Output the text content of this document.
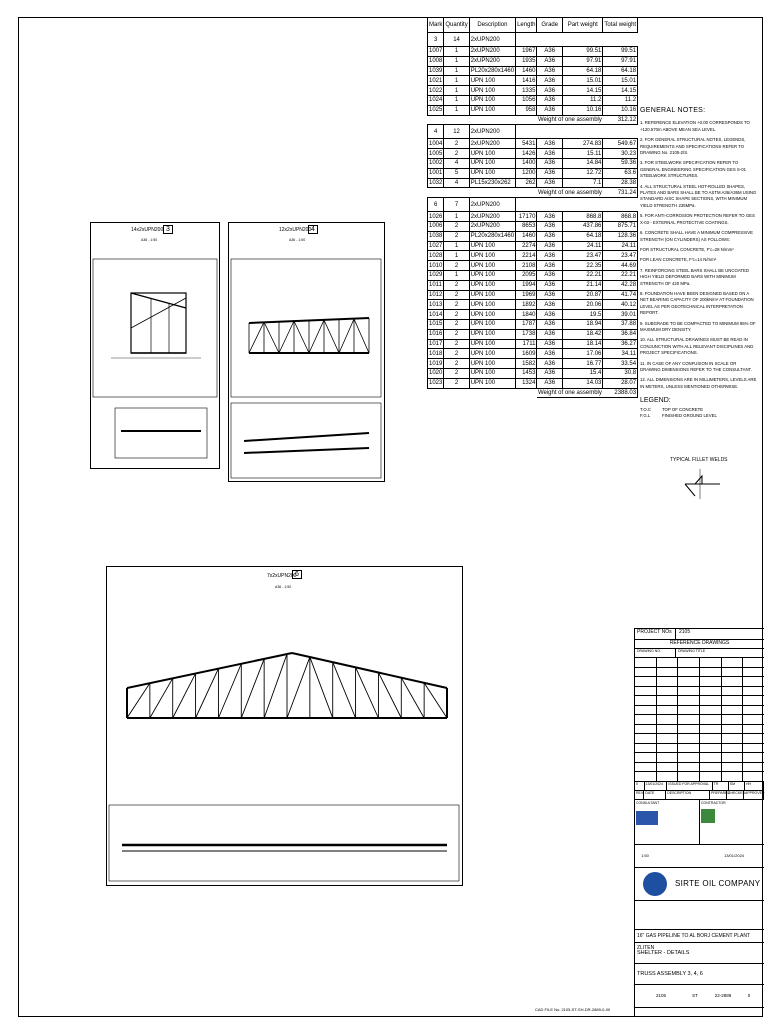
Mark	Quantity	Description	Length	Grade	Part weight	Total weight
3	14	2xUPN200				
1007	1	2xUPN200	1967	A36	99.51	99.51
1008	1	2xUPN200	1935	A36	97.91	97.91
1039	1	PL20x280x1460	1460	A36	64.18	64.18
1021	1	UPN 100	1416	A36	15.01	15.01
1022	1	UPN 100	1335	A36	14.15	14.15
1024	1	UPN 100	1056	A36	11.2	11.2
1025	1	UPN 100	958	A36	10.16	10.16
				Weight of one assembly		312.12
4	12	2xUPN200				
1004	2	2xUPN200	5431	A36	274.83	549.67
1005	2	UPN 100	1426	A36	15.11	30.23
1002	4	UPN 100	1400	A36	14.84	59.36
1001	5	UPN 100	1200	A36	12.72	63.6
1032	4	PL15x230x262	262	A36	7.1	28.38
				Weight of one assembly		731.24
6	7	2xUPN200				
1026	1	2xUPN200	17170	A36	868.8	868.8
1006	2	2xUPN200	8653	A36	437.86	875.71
1038	2	PL20x280x1460	1460	A36	64.18	128.36
1027	1	UPN 100	2274	A36	24.11	24.11
1028	1	UPN 100	2214	A36	23.47	23.47
1010	2	UPN 100	2108	A36	22.35	44.69
1029	1	UPN 100	2095	A36	22.21	22.21
1011	2	UPN 100	1994	A36	21.14	42.28
1012	2	UPN 100	1969	A36	20.87	41.74
1013	2	UPN 100	1892	A36	20.06	40.12
1014	2	UPN 100	1840	A36	19.5	39.01
1015	2	UPN 100	1787	A36	18.94	37.88
1016	2	UPN 100	1738	A36	18.42	36.84
1017	2	UPN 100	1711	A36	18.14	36.27
1018	2	UPN 100	1609	A36	17.06	34.11
1019	2	UPN 100	1582	A36	16.77	33.54
1020	2	UPN 100	1453	A36	15.4	30.8
1023	2	UPN 100	1324	A36	14.03	28.07
				Weight of one assembly		2388.03
14x2xUPN200 3
A36 - 1:50
12x2xUPN200 4
A36 - 1:50
7x2xUPN200
6
A36 - 1:50
GENERAL NOTES:
1. REFERENCE ELEVATION +0.00 CORRESPONDS TO +120.570m ABOVE MEAN SEA LEVEL.
2. FOR GENERAL STRUCTURAL NOTES, LEGENDS, REQUIREMENTS AND SPECIFICATIONS REFER TO DRAWING No. 2105-2/S.
3. FOR STEELWORK SPECIFICATION REFER TO GENERAL ENGINEERING SPECIFICATION GES S-01 STEELWORK STRUCTURES.
4. ALL STRUCTURAL STEEL HOT-ROLLED SHAPES, PLATES AND BARS SHALL BE TO ASTM A36/A36M USING STANDARD AISC SHAPE SECTIONS, WITH MINIMUM YIELD STRENGTH 235MPa.
5. FOR ANTI-CORROSION PROTECTION REFER TO GES X-03 - EXTERNAL PROTECTIVE COATINGS.
6. CONCRETE SHALL HAVE A MINIMUM COMPRESSIVE STRENGTH (ON CYLINDERS) AS FOLLOWS:
FOR STRUCTURAL CONCRETE, F'c=28 N/mm²
FOR LEAN CONCRETE, F'c=14 N/mm²
7. REINFORCING STEEL BARS SHALL BE UNCOATED HIGH YIELD DEFORMED BARS WITH MINIMUM STRENGTH OF 420 MPa.
8. FOUNDATION HAVE BEEN DESIGNED BASED ON A NET BEARING CAPACITY OF 200kN/m² AT FOUNDATION LEVEL AS PER GEOTECHNICAL INTERPRETATION REPORT.
9. SUBGRADE TO BE COMPACTED TO MINIMUM 95% OF MAXIMUM DRY DENSITY.
10. ALL STRUCTURAL DRAWINGS MUST BE READ IN CONJUNCTION WITH ALL RELEVANT DISCIPLINES AND PROJECT SPECIFICATIONS.
11. IN CASE OF ANY CONFUSION IN SCALE OR DRAWING DIMENSIONS REFER TO THE CONSULTANT.
12. ALL DIMENSIONS ARE IN MILLIMETERS, LEVELS ARE IN METERS, UNLESS MENTIONED OTHERWISE.
LEGEND:
T.O.C	TOP OF CONCRETE
F.G.L	FINISHED GROUND LEVEL
TYPICAL FILLET WELDS
PROJECT NOs	2105
REFERENCE DRAWINGS
DRAWING NO.	DRAWING TITLE
0	13/01/2024	ISSUED FOR APPROVAL	TR	SM	HH
REV DATE	DESCRIPTION	PREPARED
CHECKED APPROVED
CONSULTANT	CONTRACTOR
1:50	13/01/2024
SIRTE OIL COMPANY
16" GAS PIPELINE TO AL BORJ CEMENT PLANT ZLITEN
SHELTER - DETAILS
TRUSS ASSEMBLY 3, 4, 6
2105	ST	22-2889	0
CAD FILE No. 2105-ST-SH-DR-2889-0-00
